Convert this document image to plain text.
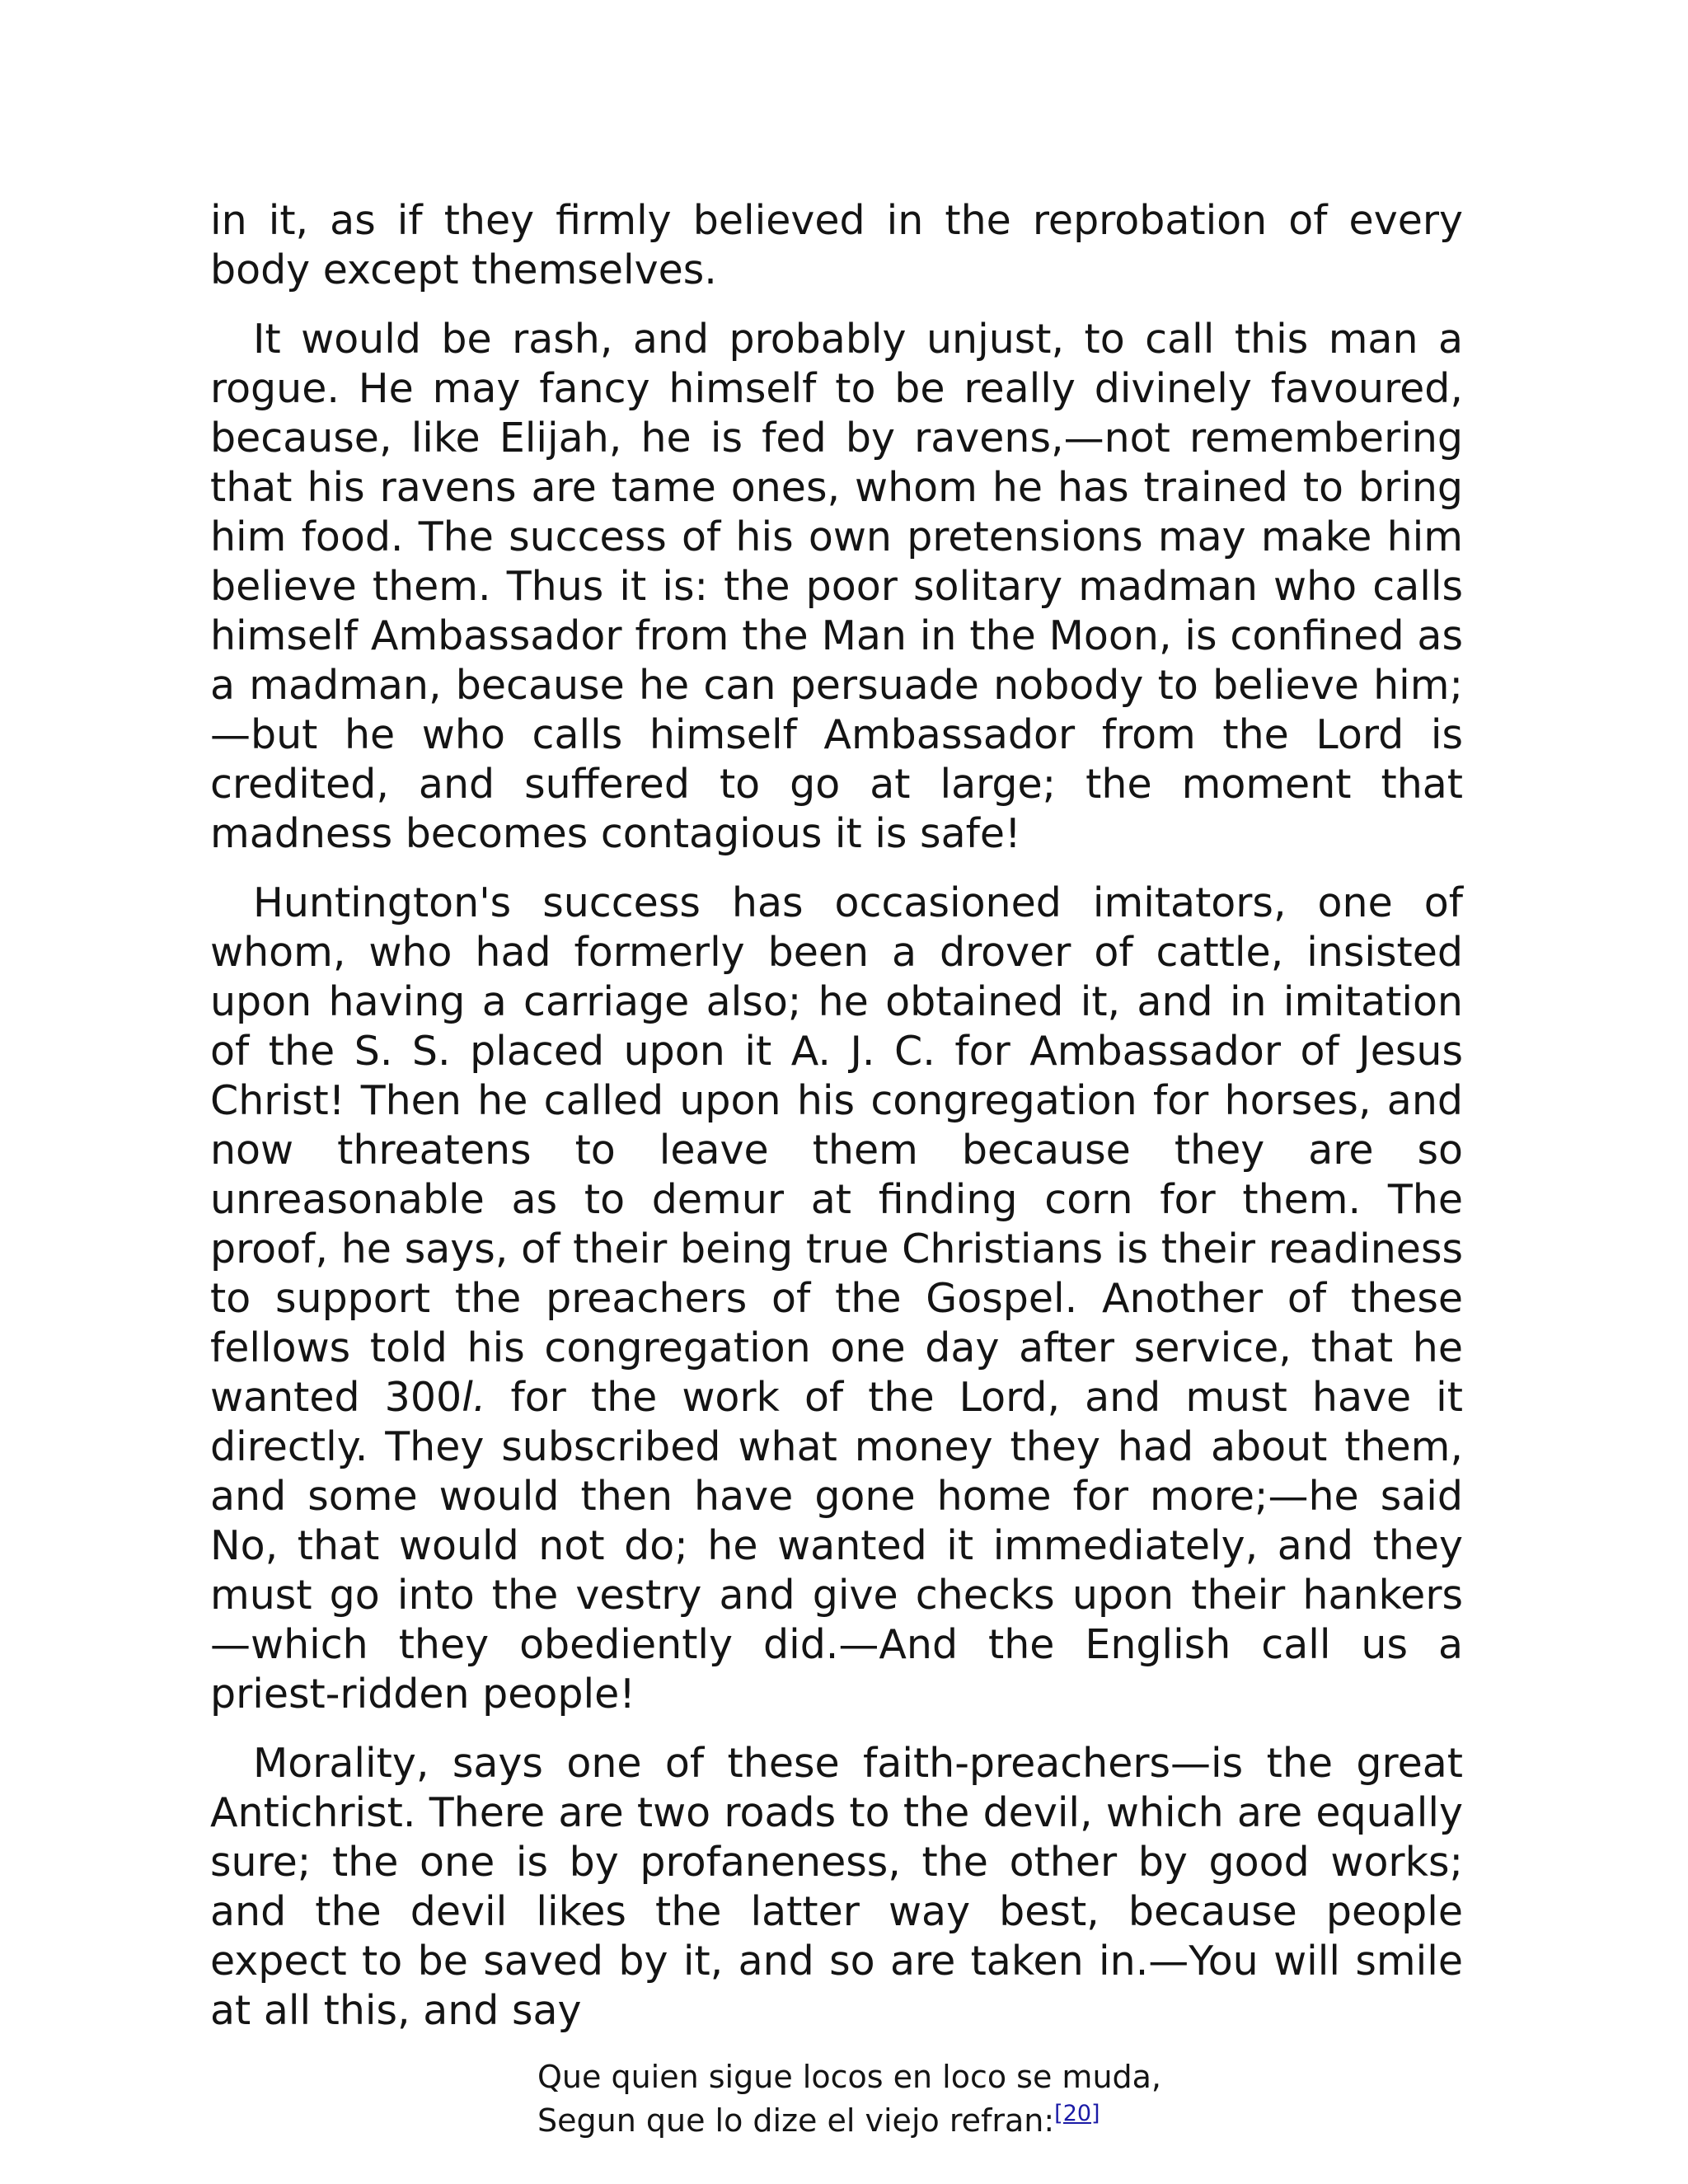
in it, as if they firmly believed in the reprobation of every body except themselves.

It would be rash, and probably unjust, to call this man a rogue. He may fancy himself to be really divinely favoured, because, like Elijah, he is fed by ravens,—not remembering that his ravens are tame ones, whom he has trained to bring him food. The success of his own pretensions may make him believe them. Thus it is: the poor solitary madman who calls himself Ambassador from the Man in the Moon, is confined as a madman, because he can persuade nobody to believe him;—but he who calls himself Ambassador from the Lord is credited, and suffered to go at large; the moment that madness becomes contagious it is safe!

Huntington's success has occasioned imitators, one of whom, who had formerly been a drover of cattle, insisted upon having a carriage also; he obtained it, and in imitation of the S. S. placed upon it A. J. C. for Ambassador of Jesus Christ! Then he called upon his congregation for horses, and now threatens to leave them because they are so unreasonable as to demur at finding corn for them. The proof, he says, of their being true Christians is their readiness to support the preachers of the Gospel. Another of these fellows told his congregation one day after service, that he wanted 300l. for the work of the Lord, and must have it directly. They subscribed what money they had about them, and some would then have gone home for more;—he said No, that would not do; he wanted it immediately, and they must go into the vestry and give checks upon their hankers —which they obediently did.—And the English call us a priest-ridden people!

Morality, says one of these faith-preachers—is the great Antichrist. There are two roads to the devil, which are equally sure; the one is by profaneness, the other by good works; and the devil likes the latter way best, because people expect to be saved by it, and so are taken in.—You will smile at all this, and say

Que quien sigue locos en loco se muda,
Segun que lo dize el viejo refran:[20]
